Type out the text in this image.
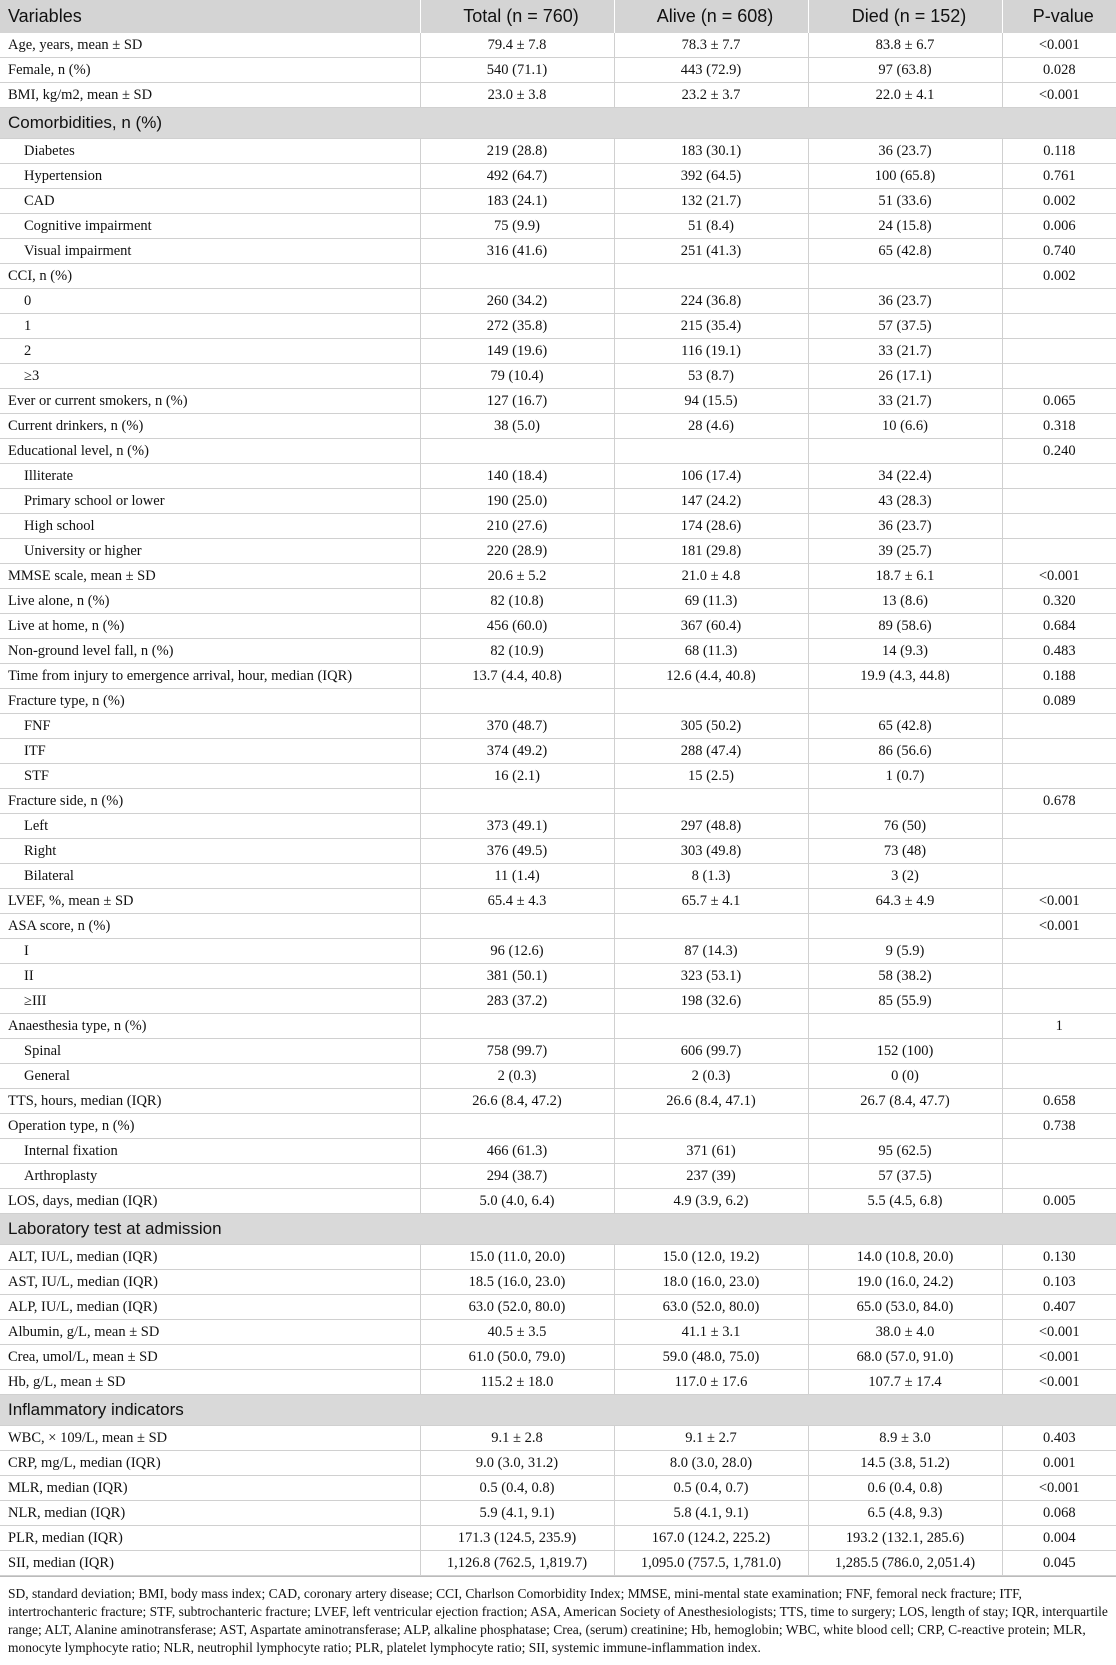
Variables	Total (n = 760)	Alive (n = 608)	Died (n = 152)	P-value
Age, years, mean ± SD	79.4 ± 7.8	78.3 ± 7.7	83.8 ± 6.7	<0.001
Female, n (%)	540 (71.1)	443 (72.9)	97 (63.8)	0.028
BMI, kg/m2, mean ± SD	23.0 ± 3.8	23.2 ± 3.7	22.0 ± 4.1	<0.001
Comorbidities, n (%)				
Diabetes	219 (28.8)	183 (30.1)	36 (23.7)	0.118
Hypertension	492 (64.7)	392 (64.5)	100 (65.8)	0.761
CAD	183 (24.1)	132 (21.7)	51 (33.6)	0.002
Cognitive impairment	75 (9.9)	51 (8.4)	24 (15.8)	0.006
Visual impairment	316 (41.6)	251 (41.3)	65 (42.8)	0.740
CCI, n (%)				0.002
0	260 (34.2)	224 (36.8)	36 (23.7)	
1	272 (35.8)	215 (35.4)	57 (37.5)	
2	149 (19.6)	116 (19.1)	33 (21.7)	
≥3	79 (10.4)	53 (8.7)	26 (17.1)	
Ever or current smokers, n (%)	127 (16.7)	94 (15.5)	33 (21.7)	0.065
Current drinkers, n (%)	38 (5.0)	28 (4.6)	10 (6.6)	0.318
Educational level, n (%)				0.240
Illiterate	140 (18.4)	106 (17.4)	34 (22.4)	
Primary school or lower	190 (25.0)	147 (24.2)	43 (28.3)	
High school	210 (27.6)	174 (28.6)	36 (23.7)	
University or higher	220 (28.9)	181 (29.8)	39 (25.7)	
MMSE scale, mean ± SD	20.6 ± 5.2	21.0 ± 4.8	18.7 ± 6.1	<0.001
Live alone, n (%)	82 (10.8)	69 (11.3)	13 (8.6)	0.320
Live at home, n (%)	456 (60.0)	367 (60.4)	89 (58.6)	0.684
Non-ground level fall, n (%)	82 (10.9)	68 (11.3)	14 (9.3)	0.483
Time from injury to emergence arrival, hour, median (IQR)	13.7 (4.4, 40.8)	12.6 (4.4, 40.8)	19.9 (4.3, 44.8)	0.188
Fracture type, n (%)				0.089
FNF	370 (48.7)	305 (50.2)	65 (42.8)	
ITF	374 (49.2)	288 (47.4)	86 (56.6)	
STF	16 (2.1)	15 (2.5)	1 (0.7)	
Fracture side, n (%)				0.678
Left	373 (49.1)	297 (48.8)	76 (50)	
Right	376 (49.5)	303 (49.8)	73 (48)	
Bilateral	11 (1.4)	8 (1.3)	3 (2)	
LVEF, %, mean ± SD	65.4 ± 4.3	65.7 ± 4.1	64.3 ± 4.9	<0.001
ASA score, n (%)				<0.001
I	96 (12.6)	87 (14.3)	9 (5.9)	
II	381 (50.1)	323 (53.1)	58 (38.2)	
≥III	283 (37.2)	198 (32.6)	85 (55.9)	
Anaesthesia type, n (%)				1
Spinal	758 (99.7)	606 (99.7)	152 (100)	
General	2 (0.3)	2 (0.3)	0 (0)	
TTS, hours, median (IQR)	26.6 (8.4, 47.2)	26.6 (8.4, 47.1)	26.7 (8.4, 47.7)	0.658
Operation type, n (%)				0.738
Internal fixation	466 (61.3)	371 (61)	95 (62.5)	
Arthroplasty	294 (38.7)	237 (39)	57 (37.5)	
LOS, days, median (IQR)	5.0 (4.0, 6.4)	4.9 (3.9, 6.2)	5.5 (4.5, 6.8)	0.005
Laboratory test at admission				
ALT, IU/L, median (IQR)	15.0 (11.0, 20.0)	15.0 (12.0, 19.2)	14.0 (10.8, 20.0)	0.130
AST, IU/L, median (IQR)	18.5 (16.0, 23.0)	18.0 (16.0, 23.0)	19.0 (16.0, 24.2)	0.103
ALP, IU/L, median (IQR)	63.0 (52.0, 80.0)	63.0 (52.0, 80.0)	65.0 (53.0, 84.0)	0.407
Albumin, g/L, mean ± SD	40.5 ± 3.5	41.1 ± 3.1	38.0 ± 4.0	<0.001
Crea, umol/L, mean ± SD	61.0 (50.0, 79.0)	59.0 (48.0, 75.0)	68.0 (57.0, 91.0)	<0.001
Hb, g/L, mean ± SD	115.2 ± 18.0	117.0 ± 17.6	107.7 ± 17.4	<0.001
Inflammatory indicators				
WBC, × 109/L, mean ± SD	9.1 ± 2.8	9.1 ± 2.7	8.9 ± 3.0	0.403
CRP, mg/L, median (IQR)	9.0 (3.0, 31.2)	8.0 (3.0, 28.0)	14.5 (3.8, 51.2)	0.001
MLR, median (IQR)	0.5 (0.4, 0.8)	0.5 (0.4, 0.7)	0.6 (0.4, 0.8)	<0.001
NLR, median (IQR)	5.9 (4.1, 9.1)	5.8 (4.1, 9.1)	6.5 (4.8, 9.3)	0.068
PLR, median (IQR)	171.3 (124.5, 235.9)	167.0 (124.2, 225.2)	193.2 (132.1, 285.6)	0.004
SII, median (IQR)	1,126.8 (762.5, 1,819.7)	1,095.0 (757.5, 1,781.0)	1,285.5 (786.0, 2,051.4)	0.045
SD, standard deviation; BMI, body mass index; CAD, coronary artery disease; CCI, Charlson Comorbidity Index; MMSE, mini-mental state examination; FNF, femoral neck fracture; ITF, intertrochanteric fracture; STF, subtrochanteric fracture; LVEF, left ventricular ejection fraction; ASA, American Society of Anesthesiologists; TTS, time to surgery; LOS, length of stay; IQR, interquartile range; ALT, Alanine aminotransferase; AST, Aspartate aminotransferase; ALP, alkaline phosphatase; Crea, (serum) creatinine; Hb, hemoglobin; WBC, white blood cell; CRP, C-reactive protein; MLR, monocyte lymphocyte ratio; NLR, neutrophil lymphocyte ratio; PLR, platelet lymphocyte ratio; SII, systemic immune-inflammation index.
